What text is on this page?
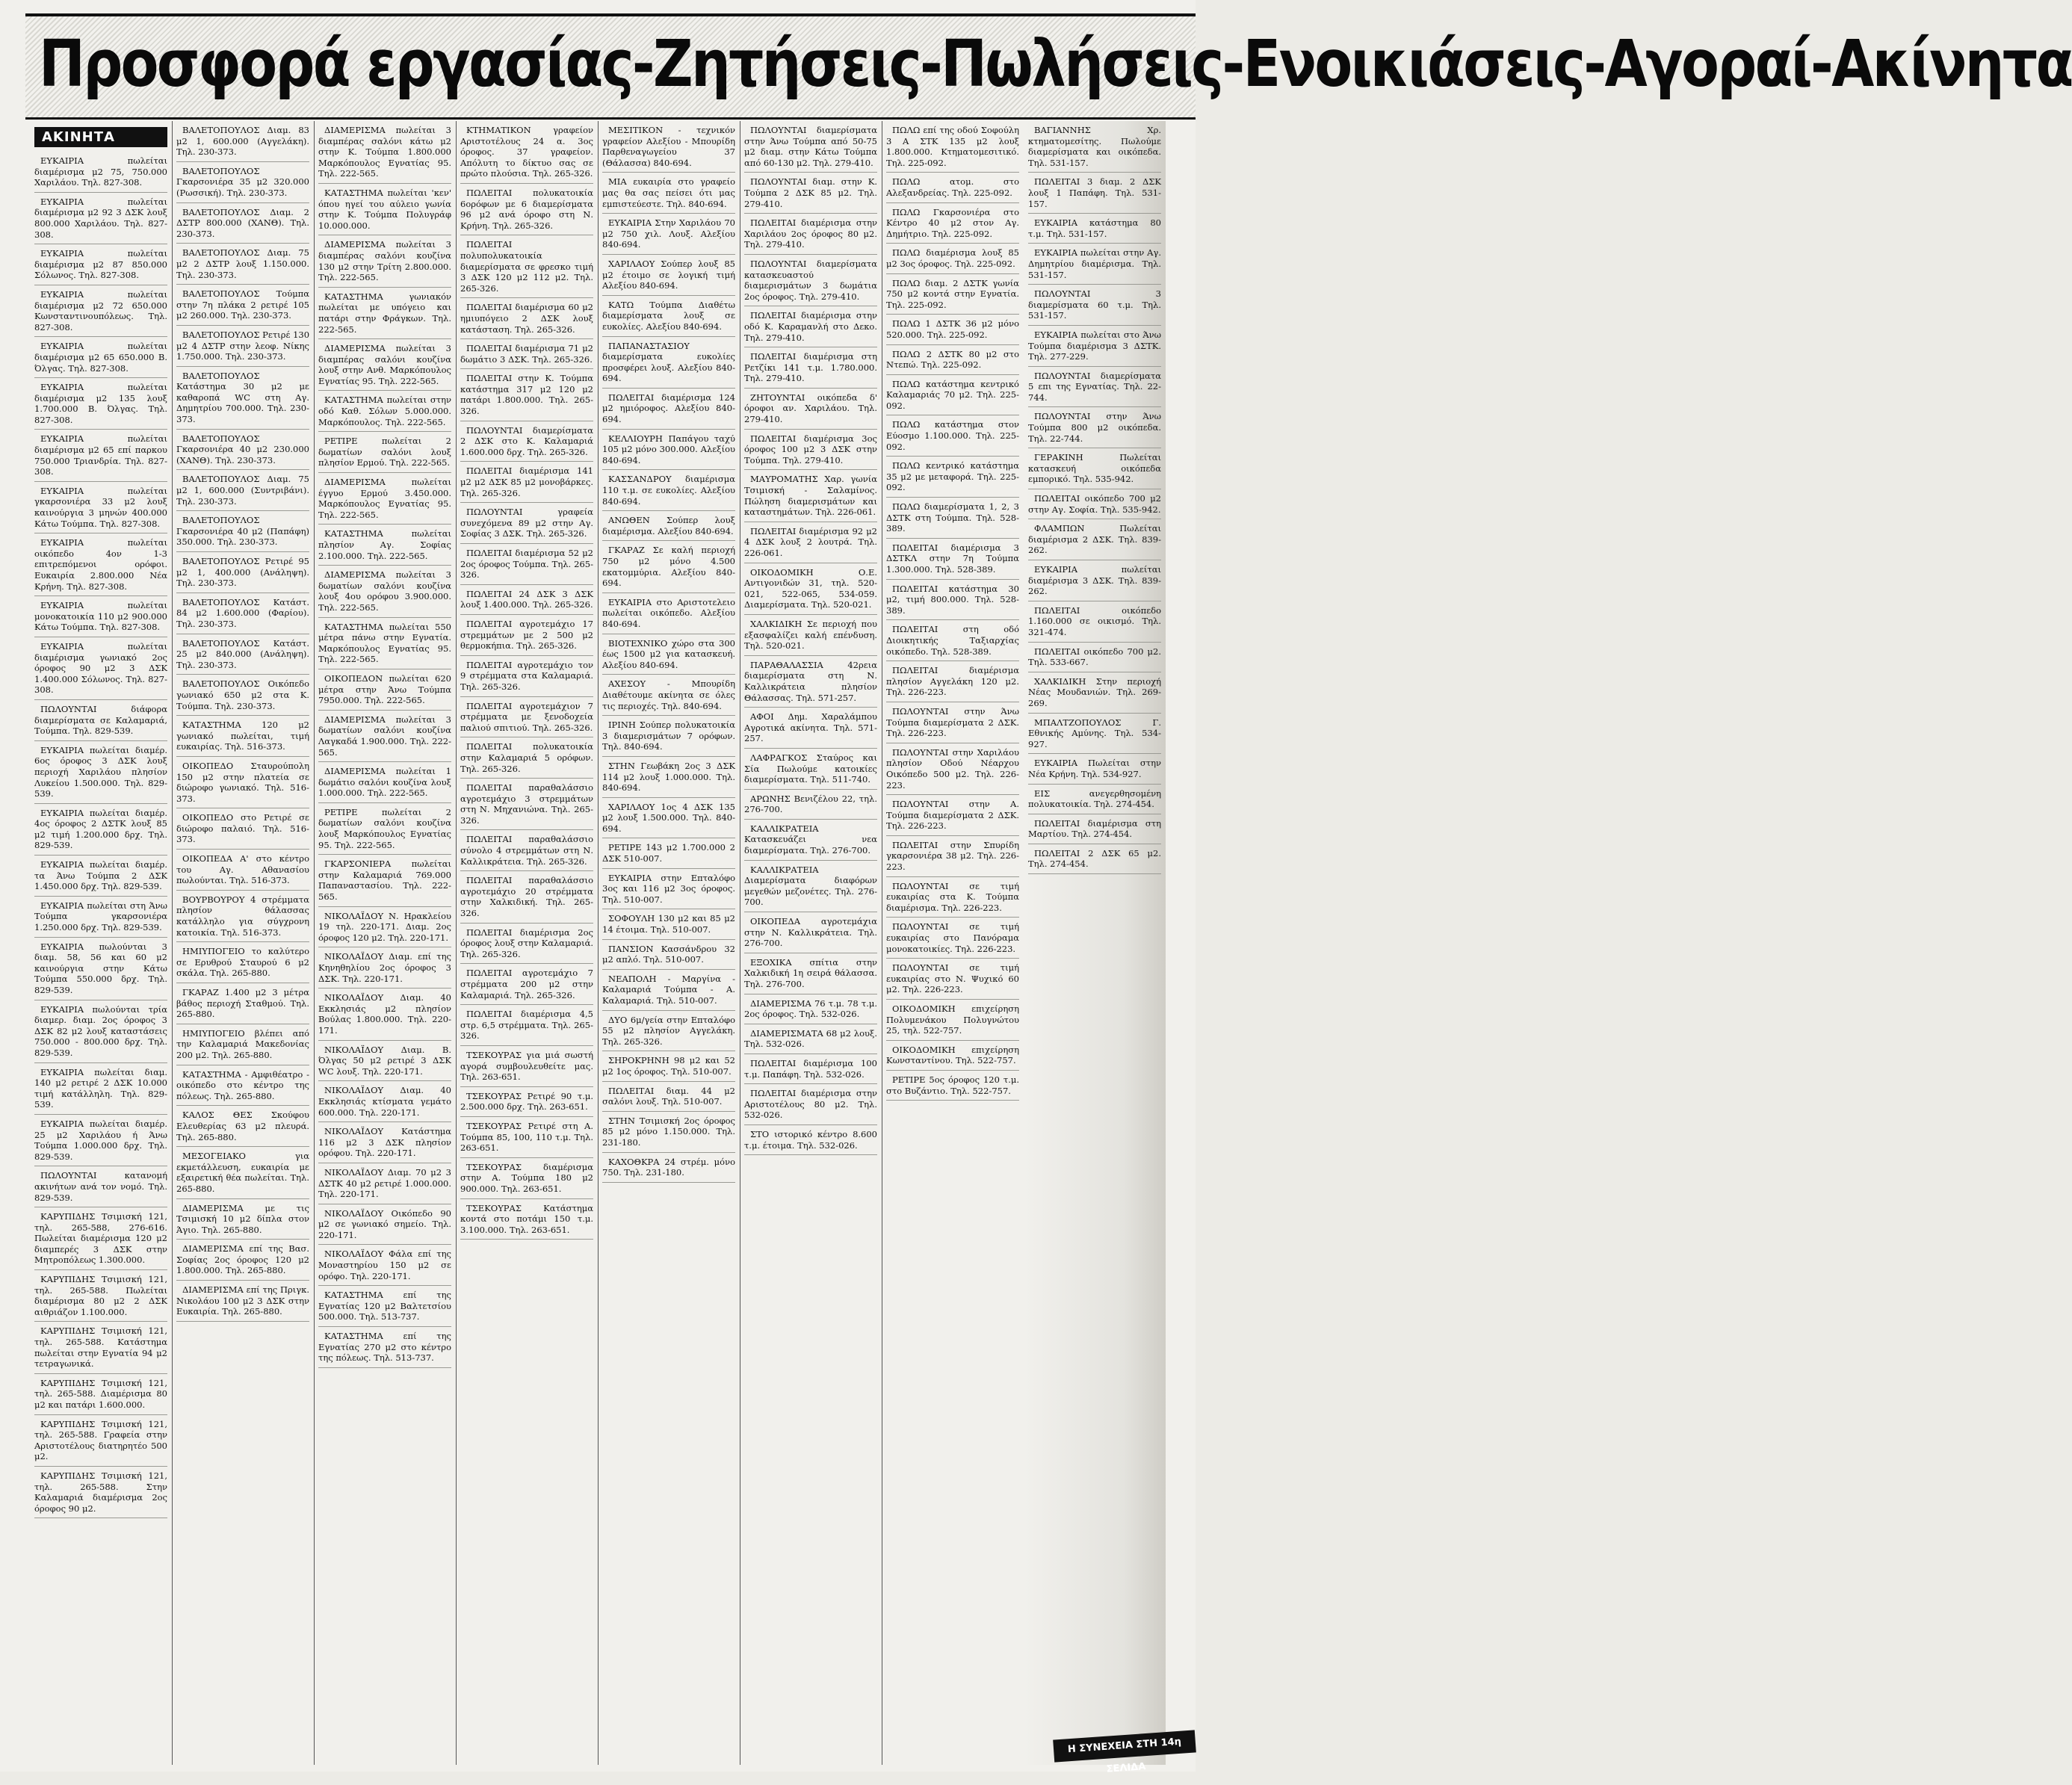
Προσφορά εργασίας-Ζητήσεις-Πωλήσεις-Ενοικιάσεις-Αγοραί-Ακίνητα
ΑΚΙΝΗΤΑ
ΕΥΚΑΙΡΙΑ πωλείται διαμέρισμα μ2 75, 750.000 Χαριλάου. Τηλ. 827-308.
ΕΥΚΑΙΡΙΑ πωλείται διαμέρισμα μ2 92 3 ΔΣΚ λουξ 800.000 Χαριλάου. Τηλ. 827-308.
ΕΥΚΑΙΡΙΑ πωλείται διαμέρισμα μ2 87 850.000 Σόλωνος. Τηλ. 827-308.
ΕΥΚΑΙΡΙΑ πωλείται διαμέρισμα μ2 72 650.000 Κωνσταντινουπόλεως. Τηλ. 827-308.
ΕΥΚΑΙΡΙΑ πωλείται διαμέρισμα μ2 65 650.000 Β. Όλγας. Τηλ. 827-308.
ΕΥΚΑΙΡΙΑ πωλείται διαμέρισμα μ2 135 λουξ 1.700.000 Β. Όλγας. Τηλ. 827-308.
ΕΥΚΑΙΡΙΑ πωλείται διαμέρισμα μ2 65 επί παρκου 750.000 Τριανδρία. Τηλ. 827-308.
ΕΥΚΑΙΡΙΑ πωλείται γκαρσονιέρα 33 μ2 λουξ καινούργια 3 μηνών 400.000 Κάτω Τούμπα. Τηλ. 827-308.
ΕΥΚΑΙΡΙΑ πωλείται οικόπεδο 4ον 1-3 επιτρεπόμενοι ορόφοι. Ευκαιρία 2.800.000 Νέα Κρήνη. Τηλ. 827-308.
ΕΥΚΑΙΡΙΑ πωλείται μονοκατοικία 110 μ2 900.000 Κάτω Τούμπα. Τηλ. 827-308.
ΕΥΚΑΙΡΙΑ πωλείται διαμέρισμα γωνιακό 2ος όροφος 90 μ2 3 ΔΣΚ 1.400.000 Σόλωνος. Τηλ. 827-308.
ΠΩΛΟΥΝΤΑΙ διάφορα διαμερίσματα σε Καλαμαριά, Τούμπα. Τηλ. 829-539.
ΕΥΚΑΙΡΙΑ πωλείται διαμέρ. 6ος όροφος 3 ΔΣΚ λουξ περιοχή Χαριλάου πλησίον Λυκείου 1.500.000. Τηλ. 829-539.
ΕΥΚΑΙΡΙΑ πωλείται διαμέρ. 4ος όροφος 2 ΔΣΤΚ λουξ 85 μ2 τιμή 1.200.000 δρχ. Τηλ. 829-539.
ΕΥΚΑΙΡΙΑ πωλείται διαμέρ. τα Άνω Τούμπα 2 ΔΣΚ 1.450.000 δρχ. Τηλ. 829-539.
ΕΥΚΑΙΡΙΑ πωλείται στη Άνω Τούμπα γκαρσονιέρα 1.250.000 δρχ. Τηλ. 829-539.
ΕΥΚΑΙΡΙΑ πωλούνται 3 διαμ. 58, 56 και 60 μ2 καινούργια στην Κάτω Τούμπα 550.000 δρχ. Τηλ. 829-539.
ΕΥΚΑΙΡΙΑ πωλούνται τρία διαμερ. διαμ. 2ος όροφος 3 ΔΣΚ 82 μ2 λουξ καταστάσεις 750.000 - 800.000 δρχ. Τηλ. 829-539.
ΕΥΚΑΙΡΙΑ πωλείται διαμ. 140 μ2 ρετιρέ 2 ΔΣΚ 10.000 τιμή κατάλληλη. Τηλ. 829-539.
ΕΥΚΑΙΡΙΑ πωλείται διαμέρ. 25 μ2 Χαριλάου ή Άνω Τούμπα 1.000.000 δρχ. Τηλ. 829-539.
ΠΩΛΟΥΝΤΑΙ κατανομή ακινήτων ανά τον νομό. Τηλ. 829-539.
ΚΑΡΥΠΙΔΗΣ Τσιμισκή 121, τηλ. 265-588, 276-616. Πωλείται διαμέρισμα 120 μ2 διαμπερές 3 ΔΣΚ στην Μητροπόλεως 1.300.000.
ΚΑΡΥΠΙΔΗΣ Τσιμισκή 121, τηλ. 265-588. Πωλείται διαμέρισμα 80 μ2 2 ΔΣΚ αιθριάζον 1.100.000.
ΚΑΡΥΠΙΔΗΣ Τσιμισκή 121, τηλ. 265-588. Κατάστημα πωλείται στην Εγνατία 94 μ2 τετραγωνικά.
ΚΑΡΥΠΙΔΗΣ Τσιμισκή 121, τηλ. 265-588. Διαμέρισμα 80 μ2 και πατάρι 1.600.000.
ΚΑΡΥΠΙΔΗΣ Τσιμισκή 121, τηλ. 265-588. Γραφεία στην Αριστοτέλους διατηρητέο 500 μ2.
ΚΑΡΥΠΙΔΗΣ Τσιμισκή 121, τηλ. 265-588. Στην Καλαμαριά διαμέρισμα 2ος όροφος 90 μ2.
ΒΑΛΕΤΟΠΟΥΛΟΣ Διαμ. 83 μ2 1, 600.000 (Αγγελάκη). Τηλ. 230-373.
ΒΑΛΕΤΟΠΟΥΛΟΣ Γκαρσονιέρα 35 μ2 320.000 (Ρωσσική). Τηλ. 230-373.
ΒΑΛΕΤΟΠΟΥΛΟΣ Διαμ. 2 ΔΣΤΡ 800.000 (ΧΑΝΘ). Τηλ. 230-373.
ΒΑΛΕΤΟΠΟΥΛΟΣ Διαμ. 75 μ2 2 ΔΣΤΡ λουξ 1.150.000. Τηλ. 230-373.
ΒΑΛΕΤΟΠΟΥΛΟΣ Τούμπα στην 7η πλάκα 2 ρετιρέ 105 μ2 260.000. Τηλ. 230-373.
ΒΑΛΕΤΟΠΟΥΛΟΣ Ρετιρέ 130 μ2 4 ΔΣΤΡ στην λεοφ. Νίκης 1.750.000. Τηλ. 230-373.
ΒΑΛΕΤΟΠΟΥΛΟΣ Κατάστημα 30 μ2 με καθαροπά WC στη Αγ. Δημητρίου 700.000. Τηλ. 230-373.
ΒΑΛΕΤΟΠΟΥΛΟΣ Γκαρσονιέρα 40 μ2 230.000 (ΧΑΝΘ). Τηλ. 230-373.
ΒΑΛΕΤΟΠΟΥΛΟΣ Διαμ. 75 μ2 1, 600.000 (Συντριβάνι). Τηλ. 230-373.
ΒΑΛΕΤΟΠΟΥΛΟΣ Γκαρσονιέρα 40 μ2 (Παπάφη) 350.000. Τηλ. 230-373.
ΒΑΛΕΤΟΠΟΥΛΟΣ Ρετιρέ 95 μ2 1, 400.000 (Ανάληψη). Τηλ. 230-373.
ΒΑΛΕΤΟΠΟΥΛΟΣ Κατάστ. 84 μ2 1.600.000 (Φαρίου). Τηλ. 230-373.
ΒΑΛΕΤΟΠΟΥΛΟΣ Κατάστ. 25 μ2 840.000 (Ανάληψη). Τηλ. 230-373.
ΒΑΛΕΤΟΠΟΥΛΟΣ Οικόπεδο γωνιακό 650 μ2 στα Κ. Τούμπα. Τηλ. 230-373.
ΚΑΤΑΣΤΗΜΑ 120 μ2 γωνιακό πωλείται, τιμή ευκαιρίας. Τηλ. 516-373.
ΟΙΚΟΠΕΔΟ Σταυρούπολη 150 μ2 στην πλατεία σε διώροφο γωνιακό. Τηλ. 516-373.
ΟΙΚΟΠΕΔΟ στο Ρετιρέ σε διώροφο παλαιό. Τηλ. 516-373.
ΟΙΚΟΠΕΔΑ Α' στο κέντρο του Αγ. Αθανασίου πωλούνται. Τηλ. 516-373.
ΒΟΥΡΒΟΥΡΟΥ 4 στρέμματα πλησίον θάλασσας κατάλληλο για σύγχρονη κατοικία. Τηλ. 516-373.
ΗΜΙΥΠΟΓΕΙΟ το καλύτερο σε Ερυθρού Σταυρού 6 μ2 σκάλα. Τηλ. 265-880.
ΓΚΑΡΑΖ 1.400 μ2 3 μέτρα βάθος περιοχή Σταθμού. Τηλ. 265-880.
ΗΜΙΥΠΟΓΕΙΟ βλέπει από την Καλαμαριά Μακεδονίας 200 μ2. Τηλ. 265-880.
ΚΑΤΑΣΤΗΜΑ - Αμφιθέατρο - οικόπεδο στο κέντρο της πόλεως. Τηλ. 265-880.
ΚΑΛΟΣ ΘΕΣ Σκούφου Ελευθερίας 63 μ2 πλευρά. Τηλ. 265-880.
ΜΕΣΟΓΕΙΑΚΟ για εκμετάλλευση, ευκαιρία με εξαιρετική θέα πωλείται. Τηλ. 265-880.
ΔΙΑΜΕΡΙΣΜΑ με τις Τσιμισκή 10 μ2 δίπλα στον Άγιο. Τηλ. 265-880.
ΔΙΑΜΕΡΙΣΜΑ επί της Βασ. Σοφίας 2ος όροφος 120 μ2 1.800.000. Τηλ. 265-880.
ΔΙΑΜΕΡΙΣΜΑ επί της Πριγκ. Νικολάου 100 μ2 3 ΔΣΚ στην Ευκαιρία. Τηλ. 265-880.
ΔΙΑΜΕΡΙΣΜΑ πωλείται 3 διαμπέρας σαλόνι κάτω μ2 στην Κ. Τούμπα 1.800.000 Μαρκόπουλος Εγνατίας 95. Τηλ. 222-565.
ΚΑΤΑΣΤΗΜΑ πωλείται 'κεν' όπου ηγεί του αύλειο γωνία στην Κ. Τούμπα Πολυγράφ 10.000.000.
ΔΙΑΜΕΡΙΣΜΑ πωλείται 3 διαμπέρας σαλόνι κουζίνα 130 μ2 στην Τρίτη 2.800.000. Τηλ. 222-565.
ΚΑΤΑΣΤΗΜΑ γωνιακόν πωλείται με υπόγειο και πατάρι στην Φράγκων. Τηλ. 222-565.
ΔΙΑΜΕΡΙΣΜΑ πωλείται 3 διαμπέρας σαλόνι κουζίνα λουξ στην Ανθ. Μαρκόπουλος Εγνατίας 95. Τηλ. 222-565.
ΚΑΤΑΣΤΗΜΑ πωλείται στην οδό Καθ. Σόλων 5.000.000. Μαρκόπουλος. Τηλ. 222-565.
ΡΕΤΙΡΕ πωλείται 2 δωματίων σαλόνι λουξ πλησίον Ερμού. Τηλ. 222-565.
ΔΙΑΜΕΡΙΣΜΑ πωλείται έγγυο Ερμού 3.450.000. Μαρκόπουλος Εγνατίας 95. Τηλ. 222-565.
ΚΑΤΑΣΤΗΜΑ πωλείται πλησίον Αγ. Σοφίας 2.100.000. Τηλ. 222-565.
ΔΙΑΜΕΡΙΣΜΑ πωλείται 3 δωματίων σαλόνι κουζίνα λουξ 4ου ορόφου 3.900.000. Τηλ. 222-565.
ΚΑΤΑΣΤΗΜΑ πωλείται 550 μέτρα πάνω στην Εγνατία. Μαρκόπουλος Εγνατίας 95. Τηλ. 222-565.
ΟΙΚΟΠΕΔΟΝ πωλείται 620 μέτρα στην Άνω Τούμπα 7950.000. Τηλ. 222-565.
ΔΙΑΜΕΡΙΣΜΑ πωλείται 3 δωματίων σαλόνι κουζίνα Λαγκαδά 1.900.000. Τηλ. 222-565.
ΔΙΑΜΕΡΙΣΜΑ πωλείται 1 δωμάτιο σαλόνι κουζίνα λουξ 1.000.000. Τηλ. 222-565.
ΡΕΤΙΡΕ πωλείται 2 δωματίων σαλόνι κουζίνα λουξ Μαρκόπουλος Εγνατίας 95. Τηλ. 222-565.
ΓΚΑΡΣΟΝΙΕΡΑ πωλείται στην Καλαμαριά 769.000 Παπαναστασίου. Τηλ. 222-565.
ΝΙΚΟΛΑΪΔΟΥ Ν. Ηρακλείου 19 τηλ. 220-171. Διαμ. 2ος όροφος 120 μ2. Τηλ. 220-171.
ΝΙΚΟΛΑΪΔΟΥ Διαμ. επί της Κηνηθηλίου 2ος όροφος 3 ΔΣΚ. Τηλ. 220-171.
ΝΙΚΟΛΑΪΔΟΥ Διαμ. 40 Εκκλησιάς μ2 πλησίον Βούλας 1.800.000. Τηλ. 220-171.
ΝΙΚΟΛΑΪΔΟΥ Διαμ. Β. Όλγας 50 μ2 ρετιρέ 3 ΔΣΚ WC λουξ. Τηλ. 220-171.
ΝΙΚΟΛΑΪΔΟΥ Διαμ. 40 Εκκλησιάς κτίσματα γεμάτο 600.000. Τηλ. 220-171.
ΝΙΚΟΛΑΪΔΟΥ Κατάστημα 116 μ2 3 ΔΣΚ πλησίον ορόφου. Τηλ. 220-171.
ΝΙΚΟΛΑΪΔΟΥ Διαμ. 70 μ2 3 ΔΣΤΚ 40 μ2 ρετιρέ 1.000.000. Τηλ. 220-171.
ΝΙΚΟΛΑΪΔΟΥ Οικόπεδο 90 μ2 σε γωνιακό σημείο. Τηλ. 220-171.
ΝΙΚΟΛΑΪΔΟΥ Φάλα επί της Μοναστηρίου 150 μ2 σε ορόφο. Τηλ. 220-171.
ΚΑΤΑΣΤΗΜΑ επί της Εγνατίας 120 μ2 Βαλτετσίου 500.000. Τηλ. 513-737.
ΚΑΤΑΣΤΗΜΑ επί της Εγνατίας 270 μ2 στο κέντρο της πόλεως. Τηλ. 513-737.
ΚΤΗΜΑΤΙΚΟΝ γραφείον Αριστοτέλους 24 α. 3ος όροφος. 37 γραφείον. Απόλυτη το δίκτυο σας σε πρώτο πλούσια. Τηλ. 265-326.
ΠΩΛΕΙΤΑΙ πολυκατοικία 6ορόφων με 6 διαμερίσματα 96 μ2 ανά όροφο στη Ν. Κρήνη. Τηλ. 265-326.
ΠΩΛΕΙΤΑΙ πολυπολυκατοικία διαμερίσματα σε φρεσκο τιμή 3 ΔΣΚ 120 μ2 112 μ2. Τηλ. 265-326.
ΠΩΛΕΙΤΑΙ διαμέρισμα 60 μ2 ημιυπόγειο 2 ΔΣΚ λουξ κατάσταση. Τηλ. 265-326.
ΠΩΛΕΙΤΑΙ διαμέρισμα 71 μ2 δωμάτιο 3 ΔΣΚ. Τηλ. 265-326.
ΠΩΛΕΙΤΑΙ στην Κ. Τούμπα κατάστημα 317 μ2 120 μ2 πατάρι 1.800.000. Τηλ. 265-326.
ΠΩΛΟΥΝΤΑΙ διαμερίσματα 2 ΔΣΚ στο Κ. Καλαμαριά 1.600.000 δρχ. Τηλ. 265-326.
ΠΩΛΕΙΤΑΙ διαμέρισμα 141 μ2 μ2 ΔΣΚ 85 μ2 μονοβάρκες. Τηλ. 265-326.
ΠΩΛΟΥΝΤΑΙ γραφεία συνεχόμενα 89 μ2 στην Αγ. Σοφίας 3 ΔΣΚ. Τηλ. 265-326.
ΠΩΛΕΙΤΑΙ διαμέρισμα 52 μ2 2ος όροφος Τούμπα. Τηλ. 265-326.
ΠΩΛΕΙΤΑΙ 24 ΔΣΚ 3 ΔΣΚ λουξ 1.400.000. Τηλ. 265-326.
ΠΩΛΕΙΤΑΙ αγροτεμάχιο 17 στρεμμάτων με 2 500 μ2 θερμοκήπια. Τηλ. 265-326.
ΠΩΛΕΙΤΑΙ αγροτεμάχιο τον 9 στρέμματα στα Καλαμαριά. Τηλ. 265-326.
ΠΩΛΕΙΤΑΙ αγροτεμάχιον 7 στρέμματα με ξενοδοχεία παλιού σπιτιού. Τηλ. 265-326.
ΠΩΛΕΙΤΑΙ πολυκατοικία στην Καλαμαριά 5 ορόφων. Τηλ. 265-326.
ΠΩΛΕΙΤΑΙ παραθαλάσσιο αγροτεμάχιο 3 στρεμμάτων στη Ν. Μηχανιώνα. Τηλ. 265-326.
ΠΩΛΕΙΤΑΙ παραθαλάσσιο σύνολο 4 στρεμμάτων στη Ν. Καλλικράτεια. Τηλ. 265-326.
ΠΩΛΕΙΤΑΙ παραθαλάσσιο αγροτεμάχιο 20 στρέμματα στην Χαλκιδική. Τηλ. 265-326.
ΠΩΛΕΙΤΑΙ διαμέρισμα 2ος όροφος λουξ στην Καλαμαριά. Τηλ. 265-326.
ΠΩΛΕΙΤΑΙ αγροτεμάχιο 7 στρέμματα 200 μ2 στην Καλαμαριά. Τηλ. 265-326.
ΠΩΛΕΙΤΑΙ διαμέρισμα 4,5 στρ. 6,5 στρέμματα. Τηλ. 265-326.
ΤΣΕΚΟΥΡΑΣ για μιά σωστή αγορά συμβουλευθείτε μας. Τηλ. 263-651.
ΤΣΕΚΟΥΡΑΣ Ρετιρέ 90 τ.μ. 2.500.000 δρχ. Τηλ. 263-651.
ΤΣΕΚΟΥΡΑΣ Ρετιρέ στη Α. Τούμπα 85, 100, 110 τ.μ. Τηλ. 263-651.
ΤΣΕΚΟΥΡΑΣ διαμέρισμα στην Α. Τούμπα 180 μ2 900.000. Τηλ. 263-651.
ΤΣΕΚΟΥΡΑΣ Κατάστημα κοντά στο ποτάμι 150 τ.μ. 3.100.000. Τηλ. 263-651.
ΜΕΣΙΤΙΚΟΝ - τεχνικόν γραφείον Αλεξίου - Μπουρίδη Παρθεναγωγείου 37 (Θάλασσα) 840-694.
ΜΙΑ ευκαιρία στο γραφείο μας θα σας πείσει ότι μας εμπιστεύεστε. Τηλ. 840-694.
ΕΥΚΑΙΡΙΑ Στην Χαριλάου 70 μ2 750 χιλ. Λουξ. Αλεξίου 840-694.
ΧΑΡΙΛΑΟΥ Σούπερ λουξ 85 μ2 έτοιμο σε λογική τιμή Αλεξίου 840-694.
ΚΑΤΩ Τούμπα Διαθέτω διαμερίσματα λουξ σε ευκολίες. Αλεξίου 840-694.
ΠΑΠΑΝΑΣΤΑΣΙΟΥ διαμερίσματα ευκολίες προσφέρει λουξ. Αλεξίου 840-694.
ΠΩΛΕΙΤΑΙ διαμέρισμα 124 μ2 ημιόροφος. Αλεξίου 840-694.
ΚΕΛΛΙΟΥΡΗ Παπάγου ταχύ 105 μ2 μόνο 300.000. Αλεξίου 840-694.
ΚΑΣΣΑΝΔΡΟΥ διαμέρισμα 110 τ.μ. σε ευκολίες. Αλεξίου 840-694.
ΑΝΩΘΕΝ Σούπερ λουξ διαμέρισμα. Αλεξίου 840-694.
ΓΚΑΡΑΖ Σε καλή περιοχή 750 μ2 μόνο 4.500 εκατομμύρια. Αλεξίου 840-694.
ΕΥΚΑΙΡΙΑ στο Αριστοτελειο πωλείται οικόπεδο. Αλεξίου 840-694.
ΒΙΟΤΕΧΝΙΚΟ χώρο στα 300 έως 1500 μ2 για κατασκευή. Αλεξίου 840-694.
ΑΧΕΣΟΥ - Μπουρίδη Διαθέτουμε ακίνητα σε όλες τις περιοχές. Τηλ. 840-694.
ΙΡΙΝΗ Σούπερ πολυκατοικία 3 διαμερισμάτων 7 ορόφων. Τηλ. 840-694.
ΣΤΗΝ Γεωβάκη 2ος 3 ΔΣΚ 114 μ2 λουξ 1.000.000. Τηλ. 840-694.
ΧΑΡΙΛΑΟΥ 1ος 4 ΔΣΚ 135 μ2 λουξ 1.500.000. Τηλ. 840-694.
ΡΕΤΙΡΕ 143 μ2 1.700.000 2 ΔΣΚ 510-007.
ΕΥΚΑΙΡΙΑ στην Επταλόφο 3ος και 116 μ2 3ος όροφος. Τηλ. 510-007.
ΣΟΦΟΥΛΗ 130 μ2 και 85 μ2 14 έτοιμα. Τηλ. 510-007.
ΠΑΝΣΙΟΝ Κασσάνδρου 32 μ2 απλό. Τηλ. 510-007.
ΝΕΑΠΟΛΗ - Μαργίνα - Καλαμαριά Τούμπα - Α. Καλαμαριά. Τηλ. 510-007.
ΔΥΟ 6μ/γεία στην Επταλόφο 55 μ2 πλησίον Αγγελάκη. Τηλ. 265-326.
ΣΗΡΟΚΡΗΝΗ 98 μ2 και 52 μ2 1ος όροφος. Τηλ. 510-007.
ΠΩΛΕΙΤΑΙ διαμ. 44 μ2 σαλόνι λουξ. Τηλ. 510-007.
ΣΤΗΝ Τσιμισκή 2ος όροφος 85 μ2 μόνο 1.150.000. Τηλ. 231-180.
ΚΑΧΟΘΚΡΑ 24 στρέμ. μόνο 750. Τηλ. 231-180.
ΠΩΛΟΥΝΤΑΙ διαμερίσματα στην Άνω Τούμπα από 50-75 μ2 διαμ. στην Κάτω Τούμπα από 60-130 μ2. Τηλ. 279-410.
ΠΩΛΟΥΝΤΑΙ διαμ. στην Κ. Τούμπα 2 ΔΣΚ 85 μ2. Τηλ. 279-410.
ΠΩΛΕΙΤΑΙ διαμέρισμα στην Χαριλάου 2ος όροφος 80 μ2. Τηλ. 279-410.
ΠΩΛΟΥΝΤΑΙ διαμερίσματα κατασκευαστού διαμερισμάτων 3 δωμάτια 2ος όροφος. Τηλ. 279-410.
ΠΩΛΕΙΤΑΙ διαμέρισμα στην οδό Κ. Καραμανλή στο Δεκο. Τηλ. 279-410.
ΠΩΛΕΙΤΑΙ διαμέρισμα στη Ρετζίκι 141 τ.μ. 1.780.000. Τηλ. 279-410.
ΖΗΤΟΥΝΤΑΙ οικόπεδα δ' όροφοι αν. Χαριλάου. Τηλ. 279-410.
ΠΩΛΕΙΤΑΙ διαμέρισμα 3ος όροφος 100 μ2 3 ΔΣΚ στην Τούμπα. Τηλ. 279-410.
ΜΑΥΡΟΜΑΤΗΣ Χαρ. γωνία Τσιμισκή - Σαλαμίνος. Πώληση διαμερισμάτων και καταστημάτων. Τηλ. 226-061.
ΠΩΛΕΙΤΑΙ διαμέρισμα 92 μ2 4 ΔΣΚ λουξ 2 λουτρά. Τηλ. 226-061.
ΟΙΚΟΔΟΜΙΚΗ Ο.Ε. Αντιγονιδών 31, τηλ. 520-021, 522-065, 534-059. Διαμερίσματα. Τηλ. 520-021.
ΧΑΛΚΙΔΙΚΗ Σε περιοχή που εξασφαλίζει καλή επένδυση. Τηλ. 520-021.
ΠΑΡΑΘΑΛΑΣΣΙΑ 42ρεια διαμερίσματα στη Ν. Καλλικράτεια πλησίον Θάλασσας. Τηλ. 571-257.
ΑΦΟΙ Δημ. Χαραλάμπου Αγροτικά ακίνητα. Τηλ. 571-257.
ΛΑΦΡΑΓΚΟΣ Σταύρος και Σία Πωλούμε κατοικίες διαμερίσματα. Τηλ. 511-740.
ΑΡΩΝΗΣ Βενιζέλου 22, τηλ. 276-700.
ΚΑΛΛΙΚΡΑΤΕΙΑ Κατασκευάζει νεα διαμερίσματα. Τηλ. 276-700.
ΚΑΛΛΙΚΡΑΤΕΙΑ Διαμερίσματα διαφόρων μεγεθών μεζονέτες. Τηλ. 276-700.
ΟΙΚΟΠΕΔΑ αγροτεμάχια στην Ν. Καλλικράτεια. Τηλ. 276-700.
ΕΞΟΧΙΚΑ σπίτια στην Χαλκιδική 1η σειρά θάλασσα. Τηλ. 276-700.
ΔΙΑΜΕΡΙΣΜΑ 76 τ.μ. 78 τ.μ. 2ος όροφος. Τηλ. 532-026.
ΔΙΑΜΕΡΙΣΜΑΤΑ 68 μ2 λουξ. Τηλ. 532-026.
ΠΩΛΕΙΤΑΙ διαμέρισμα 100 τ.μ. Παπάφη. Τηλ. 532-026.
ΠΩΛΕΙΤΑΙ διαμέρισμα στην Αριστοτέλους 80 μ2. Τηλ. 532-026.
ΣΤΟ ιστορικό κέντρο 8.600 τ.μ. έτοιμα. Τηλ. 532-026.
ΠΩΛΩ επί της οδού Σοφούλη 3 Α ΣΤΚ 135 μ2 λουξ 1.800.000. Κτηματομεσιτικό. Τηλ. 225-092.
ΠΩΛΩ ατομ. στο Αλεξανδρείας. Τηλ. 225-092.
ΠΩΛΩ Γκαρσονιέρα στο Κέντρο 40 μ2 στον Αγ. Δημήτριο. Τηλ. 225-092.
ΠΩΛΩ διαμέρισμα λουξ 85 μ2 3ος όροφος. Τηλ. 225-092.
ΠΩΛΩ διαμ. 2 ΔΣΤΚ γωνία 750 μ2 κοντά στην Εγνατία. Τηλ. 225-092.
ΠΩΛΩ 1 ΔΣΤΚ 36 μ2 μόνο 520.000. Τηλ. 225-092.
ΠΩΛΩ 2 ΔΣΤΚ 80 μ2 στο Ντεπώ. Τηλ. 225-092.
ΠΩΛΩ κατάστημα κεντρικό Καλαμαριάς 70 μ2. Τηλ. 225-092.
ΠΩΛΩ κατάστημα στον Εύοσμο 1.100.000. Τηλ. 225-092.
ΠΩΛΩ κεντρικό κατάστημα 35 μ2 με μεταφορά. Τηλ. 225-092.
ΠΩΛΩ διαμερίσματα 1, 2, 3 ΔΣΤΚ στη Τούμπα. Τηλ. 528-389.
ΠΩΛΕΙΤΑΙ διαμέρισμα 3 ΔΣΤΚΛ στην 7η Τούμπα 1.300.000. Τηλ. 528-389.
ΠΩΛΕΙΤΑΙ κατάστημα 30 μ2, τιμή 800.000. Τηλ. 528-389.
ΠΩΛΕΙΤΑΙ στη οδό Διοικητικής Ταξιαρχίας οικόπεδο. Τηλ. 528-389.
ΠΩΛΕΙΤΑΙ διαμέρισμα πλησίον Αγγελάκη 120 μ2. Τηλ. 226-223.
ΠΩΛΟΥΝΤΑΙ στην Άνω Τούμπα διαμερίσματα 2 ΔΣΚ. Τηλ. 226-223.
ΠΩΛΟΥΝΤΑΙ στην Χαριλάου πλησίον Οδού Νέαρχου Οικόπεδο 500 μ2. Τηλ. 226-223.
ΠΩΛΟΥΝΤΑΙ στην Α. Τούμπα διαμερίσματα 2 ΔΣΚ. Τηλ. 226-223.
ΠΩΛΕΙΤΑΙ στην Σπυρίδη γκαρσονιέρα 38 μ2. Τηλ. 226-223.
ΠΩΛΟΥΝΤΑΙ σε τιμή ευκαιρίας στα Κ. Τούμπα διαμέρισμα. Τηλ. 226-223.
ΠΩΛΟΥΝΤΑΙ σε τιμή ευκαιρίας στο Πανόραμα μονοκατοικίες. Τηλ. 226-223.
ΠΩΛΟΥΝΤΑΙ σε τιμή ευκαιρίας στο Ν. Ψυχικό 60 μ2. Τηλ. 226-223.
ΟΙΚΟΔΟΜΙΚΗ επιχείρηση Πολυμενάκου Πολυγνώτου 25, τηλ. 522-757.
ΟΙΚΟΔΟΜΙΚΗ επιχείρηση Κωνσταντίνου. Τηλ. 522-757.
ΡΕΤΙΡΕ 5ος όροφος 120 τ.μ. στο Βυζάντιο. Τηλ. 522-757.
ΒΑΓΙΑΝΝΗΣ Χρ. κτηματομεσίτης. Πωλούμε διαμερίσματα και οικόπεδα. Τηλ. 531-157.
ΠΩΛΕΙΤΑΙ 3 διαμ. 2 ΔΣΚ λουξ 1 Παπάφη. Τηλ. 531-157.
ΕΥΚΑΙΡΙΑ κατάστημα 80 τ.μ. Τηλ. 531-157.
ΕΥΚΑΙΡΙΑ πωλείται στην Αγ. Δημητρίου διαμέρισμα. Τηλ. 531-157.
ΠΩΛΟΥΝΤΑΙ 3 διαμερίσματα 60 τ.μ. Τηλ. 531-157.
ΕΥΚΑΙΡΙΑ πωλείται στο Άνω Τούμπα διαμέρισμα 3 ΔΣΤΚ. Τηλ. 277-229.
ΠΩΛΟΥΝΤΑΙ διαμερίσματα 5 επι της Εγνατίας. Τηλ. 22-744.
ΠΩΛΟΥΝΤΑΙ στην Άνω Τούμπα 800 μ2 οικόπεδα. Τηλ. 22-744.
ΓΕΡΑΚΙΝΗ Πωλείται κατασκευή οικόπεδα εμπορικό. Τηλ. 535-942.
ΠΩΛΕΙΤΑΙ οικόπεδο 700 μ2 στην Αγ. Σοφία. Τηλ. 535-942.
ΦΛΑΜΠΩΝ Πωλείται διαμέρισμα 2 ΔΣΚ. Τηλ. 839-262.
ΕΥΚΑΙΡΙΑ πωλείται διαμέρισμα 3 ΔΣΚ. Τηλ. 839-262.
ΠΩΛΕΙΤΑΙ οικόπεδο 1.160.000 σε οικισμό. Τηλ. 321-474.
ΠΩΛΕΙΤΑΙ οικόπεδο 700 μ2. Τηλ. 533-667.
ΧΑΛΚΙΔΙΚΗ Στην περιοχή Νέας Μουδανιών. Τηλ. 269-269.
ΜΠΑΛΤΖΟΠΟΥΛΟΣ Γ. Εθνικής Αμύνης. Τηλ. 534-927.
ΕΥΚΑΙΡΙΑ Πωλείται στην Νέα Κρήνη. Τηλ. 534-927.
ΕΙΣ ανεγερθησομένη πολυκατοικία. Τηλ. 274-454.
ΠΩΛΕΙΤΑΙ διαμέρισμα στη Μαρτίου. Τηλ. 274-454.
ΠΩΛΕΙΤΑΙ 2 ΔΣΚ 65 μ2. Τηλ. 274-454.
Η ΣΥΝΕΧΕΙΑ ΣΤΗ 14η ΣΕΛΙΔΑ
